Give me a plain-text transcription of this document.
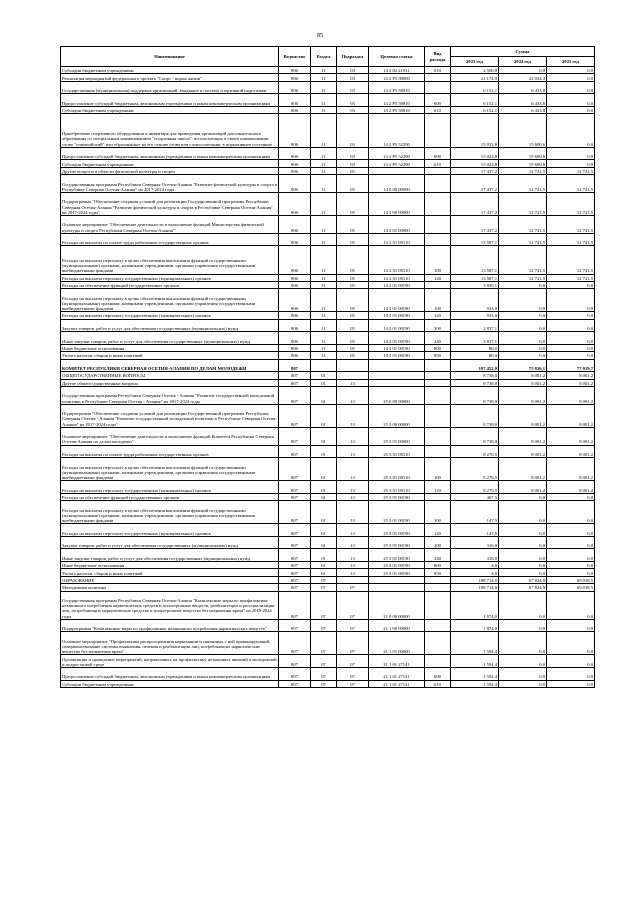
85
Наименование	Ведомство	Раздел	Подраздел	Целевая статья	Вид расхода	Сумма		
						2023 год	2024 год	2025 год
Субсидии бюджетным учреждениям	806	11	03	14 2 02 21931	610	4 500,0	0,0	0,0
Реализация мероприятий федерального проекта "Спорт - норма жизни"	806	11	03	14 2 P5 00000		21 174,9	22 034,4	0,0
Государственная (муниципальная) поддержка организаций, входящих в систему спортивной подготовки	806	11	03	14 2 P5 50810		6 152,1	6 433,8	0,0
Предоставление субсидий бюджетным, автономным учреждениям и иным некоммерческим организациям	806	11	03	14 2 P5 50810	600	6 152,1	6 433,8	0,0
Субсидии бюджетным учреждениям	806	11	03	14 2 P5 50810	610	6 152,1	6 433,8	0,0
Приобретение спортивного оборудования и инвентаря для приведения организаций дополнительного образования со специальным наименованием "спортивная школа", использующих в своем наименовании слово "олимпийский" или образованное на его основе слова или словосочетания, в нормативное состояние	806	11	03	14 2 P5 52290		15 022,8	15 600,6	0,0
Предоставление субсидий бюджетным, автономным учреждениям и иным некоммерческим организациям	806	11	03	14 2 P5 52290	600	15 022,8	15 600,6	0,0
Субсидии бюджетным учреждениям	806	11	03	14 2 P5 52290	610	15 022,8	15 600,6	0,0
Другие вопросы в области физической культуры и спорта	806	11	05			17 437,2	12 741,5	12 741,5
Государственная программа Республики Северная Осетия-Алания "Развитие физической культуры и спорта в Республике Северная Осетия-Алания" на 2017-2024 годы	806	11	05	14 0 00 00000		17 437,2	12 741,5	12 741,5
Подпрограмма "Обеспечение создания условий для реализации Государственной программы Республики Северная Осетия-Алания "Развитие физической культуры и спорта в Республике Северная Осетия-Алания" на 2017-2024 годы"	806	11	05	14 2 00 00000		17 437,2	12 741,5	12 741,5
Основное мероприятие "Обеспечение деятельности и выполнение функций Министерства физической культуры и спорта Республики Северная Осетия-Алания"	806	11	05	14 2 01 00000		17 437,2	12 741,5	12 741,5
Расходы на выплаты по оплате труда работников государственных органов	806	11	05	14 2 01 00110		13 587,1	12 741,5	12 741,5
Расходы на выплаты персоналу в целях обеспечения выполнения функций государственными (муниципальными) органами, казенными учреждениями, органами управления государственными внебюджетными фондами	806	11	05	14 2 01 00110	100	13 587,1	12 741,5	12 741,5
Расходы на выплаты персоналу государственных (муниципальных) органов	806	11	05	14 2 01 00110	120	13 587,1	12 741,5	12 741,5
Расходы на обеспечение функций государственных органов	806	11	05	14 2 01 00190		3 850,1	0,0	0,0
Расходы на выплаты персоналу в целях обеспечения выполнения функций государственными (муниципальными) органами, казенными учреждениями, органами управления государственными внебюджетными фондами	806	11	05	14 2 01 00190	100	933,0	0,0	0,0
Расходы на выплаты персоналу государственных (муниципальных) органов	806	11	05	14 2 01 00190	120	933,0	0,0	0,0
Закупка товаров, работ и услуг для обеспечения государственных (муниципальных) нужд	806	11	05	14 2 01 00190	200	2 837,1	0,0	0,0
Иные закупки товаров, работ и услуг для обеспечения государственных (муниципальных) нужд	806	11	05	14 2 01 00190	240	2 837,1	0,0	0,0
Иные бюджетные ассигнования	806	11	05	14 2 01 00190	800	80,0	0,0	0,0
Уплата налогов, сборов и иных платежей	806	11	05	14 2 01 00190	850	80,0	0,0	0,0
КОМИТЕТ РЕСПУБЛИКИ СЕВЕРНАЯ ОСЕТИЯ-АЛАНИЯ ПО ДЕЛАМ МОЛОДЕЖИ	807					197 452,0	75 826,1	77 019,7
ОБЩЕГОСУДАРСТВЕННЫЕ ВОПРОСЫ	807	01				8 738,0	8 001,2	8 001,2
Другие общегосударственные вопросы	807	01	13			8 738,0	8 001,2	8 001,2
Государственная программа Республики Северная Осетия - Алания "Развитие государственной молодежной политики в Республике Северная Осетия - Алания" на 2017-2024 годы	807	01	13	25 0 00 00000		8 738,0	8 001,2	8 001,2
Подпрограмма "Обеспечение создания условий для реализации Государственной программы Республики Северная Осетия - Алания "Развитие государственной молодежной политики в Республике Северная Осетия-Алания" на 2017-2024 годы"	807	01	13	25 3 00 00000		8 738,0	8 001,2	8 001,2
Основное мероприятие "Обеспечение деятельности и выполнение функций Комитета Республики Северная Осетия-Алания по делам молодежи"	807	01	13	25 3 01 00000		8 738,0	8 001,2	8 001,2
Расходы на выплаты по оплате труда работников государственных органов	807	01	13	25 3 01 00110		8 270,5	8 001,2	8 001,2
Расходы на выплаты персоналу в целях обеспечения выполнения функций государственными (муниципальными) органами, казенными учреждениями, органами управления государственными внебюджетными фондами	807	01	13	25 3 01 00110	100	8 270,5	8 001,2	8 001,2
Расходы на выплаты персоналу государственных (муниципальных) органов	807	01	13	25 3 01 00110	120	8 270,5	8 001,2	8 001,2
Расходы на обеспечение функций государственных органов	807	01	13	25 3 01 00190		467,5	0,0	0,0
Расходы на выплаты персоналу в целях обеспечения выполнения функций государственными (муниципальными) органами, казенными учреждениями, органами управления государственными внебюджетными фондами	807	01	13	25 3 01 00190	100	147,5	0,0	0,0
Расходы на выплаты персоналу государственных (муниципальных) органов	807	01	13	25 3 01 00190	120	147,5	0,0	0,0
Закупка товаров, работ и услуг для обеспечения государственных (муниципальных) нужд	807	01	13	25 3 01 00190	200	316,0	0,0	0,0
Иные закупки товаров, работ и услуг для обеспечения государственных (муниципальных) нужд	807	01	13	25 3 01 00190	240	316,0	0,0	0,0
Иные бюджетные ассигнования	807	01	13	25 3 01 00190	800	4,0	0,0	0,0
Уплата налогов, сборов и иных платежей	807	01	13	25 3 01 00190	850	4,0	0,0	0,0
ОБРАЗОВАНИЕ	807	07				188 714,0	67 824,9	69 018,5
Молодежная политика	807	07	07			188 714,0	67 824,9	69 018,5
Государственная программа Республики Северная Осетия-Алания "Комплексные меры по профилактике незаконного потребления наркотических средств и психотропных веществ, реабилитации и ресоциализации лиц, потребляющих наркотические средства и психотропные вещества без назначения врача" на 2015-2024 годы	807	07	07	21 0 00 00000		1 874,0	0,0	0,0
Подпрограмма "Комплексные меры по профилактике незаконного потребления наркотических веществ"	807	07	07	21 1 00 00000		1 874,0	0,0	0,0
Основное мероприятие "Профилактика распространения наркомании и связанных с ней правонарушений, совершенствование системы выявления, лечения и реабилитации лиц, потребляющих наркотические вещества без назначения врача"	807	07	07	21 1 01 00000		1 594,4	0,0	0,0
Организация и проведение мероприятий, направленных на профилактику незаконных явлений в молодежной и подростковой среде	807	07	07	21 1 01 27141		1 594,4	0,0	0,0
Предоставление субсидий бюджетным, автономным учреждениям и иным некоммерческим организациям	807	07	07	21 1 01 27141	600	1 594,4	0,0	0,0
Субсидии бюджетным учреждениям	807	07	07	21 1 01 27141	610	1 594,4	0,0	0,0
